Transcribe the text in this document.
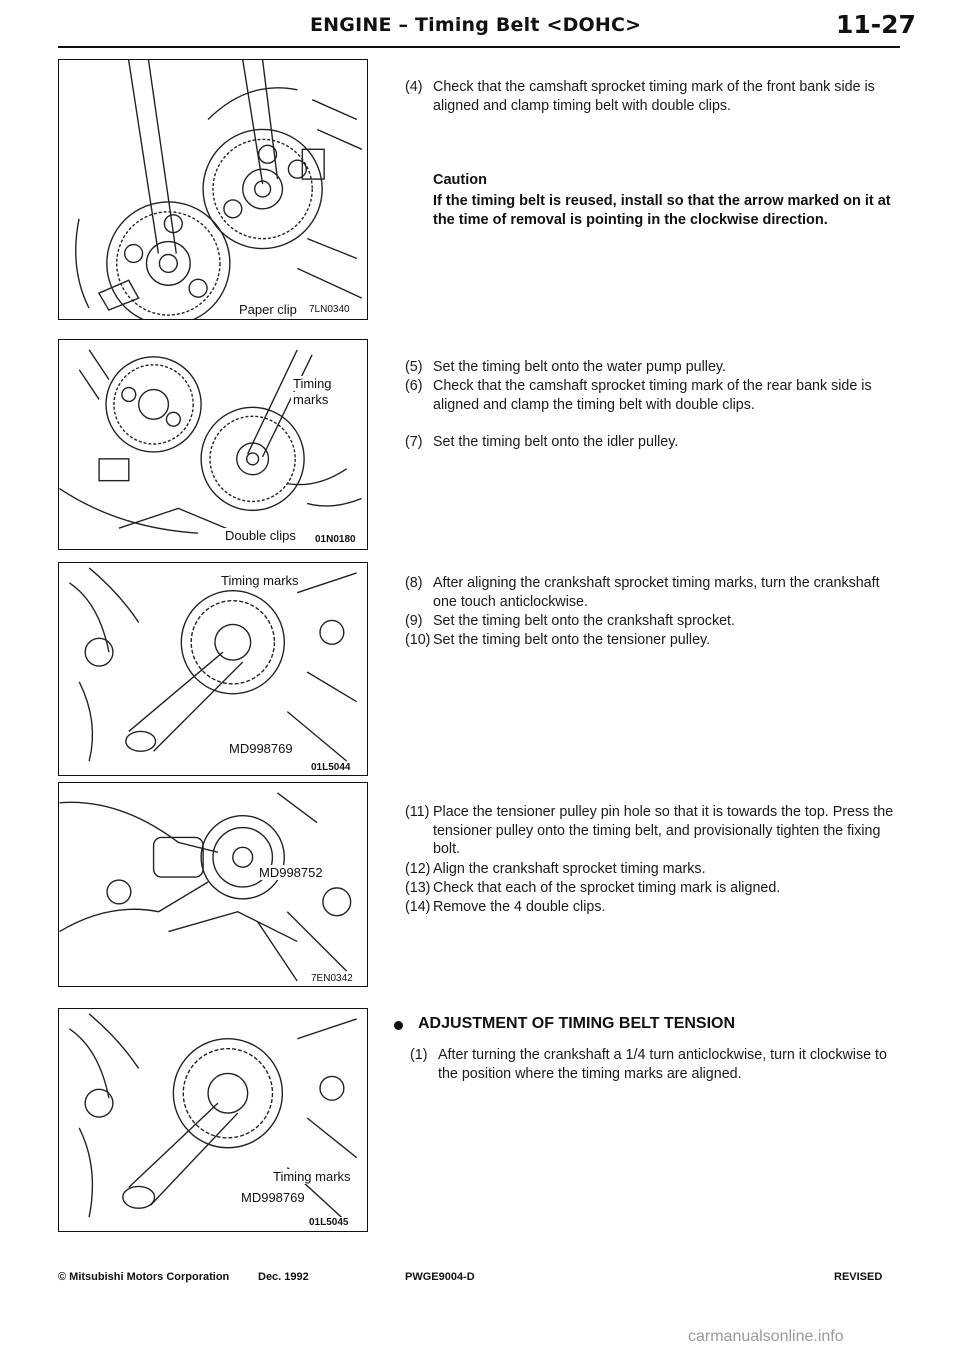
ENGINE – Timing Belt <DOHC>	11-27
Paper clip 7LN0340
Timing
marks
Double clips 01N0180
Timing marks
MD998769
01L5044
MD998752
7EN0342
Timing marks
MD998769
01L5045
(4) Check that the camshaft sprocket timing mark of the front bank side is aligned and clamp timing belt with double clips.
Caution
If the timing belt is reused, install so that the arrow marked on it at the time of removal is pointing in the clockwise direction.
(5) Set the timing belt onto the water pump pulley.
(6) Check that the camshaft sprocket timing mark of the rear bank side is aligned and clamp the timing belt with double clips.
(7) Set the timing belt onto the idler pulley.
(8) After aligning the crankshaft sprocket timing marks, turn the crankshaft one touch anticlockwise.
(9) Set the timing belt onto the crankshaft sprocket.
(10) Set the timing belt onto the tensioner pulley.
(11) Place the tensioner pulley pin hole so that it is towards the top. Press the tensioner pulley onto the timing belt, and provisionally tighten the fixing bolt.
(12) Align the crankshaft sprocket timing marks.
(13) Check that each of the sprocket timing mark is aligned.
(14) Remove the 4 double clips.
ADJUSTMENT OF TIMING BELT TENSION
(1) After turning the crankshaft a 1/4 turn anticlockwise, turn it clockwise to the position where the timing marks are aligned.
© Mitsubishi Motors Corporation	Dec. 1992	PWGE9004-D	REVISED
carmanualsonline.info
